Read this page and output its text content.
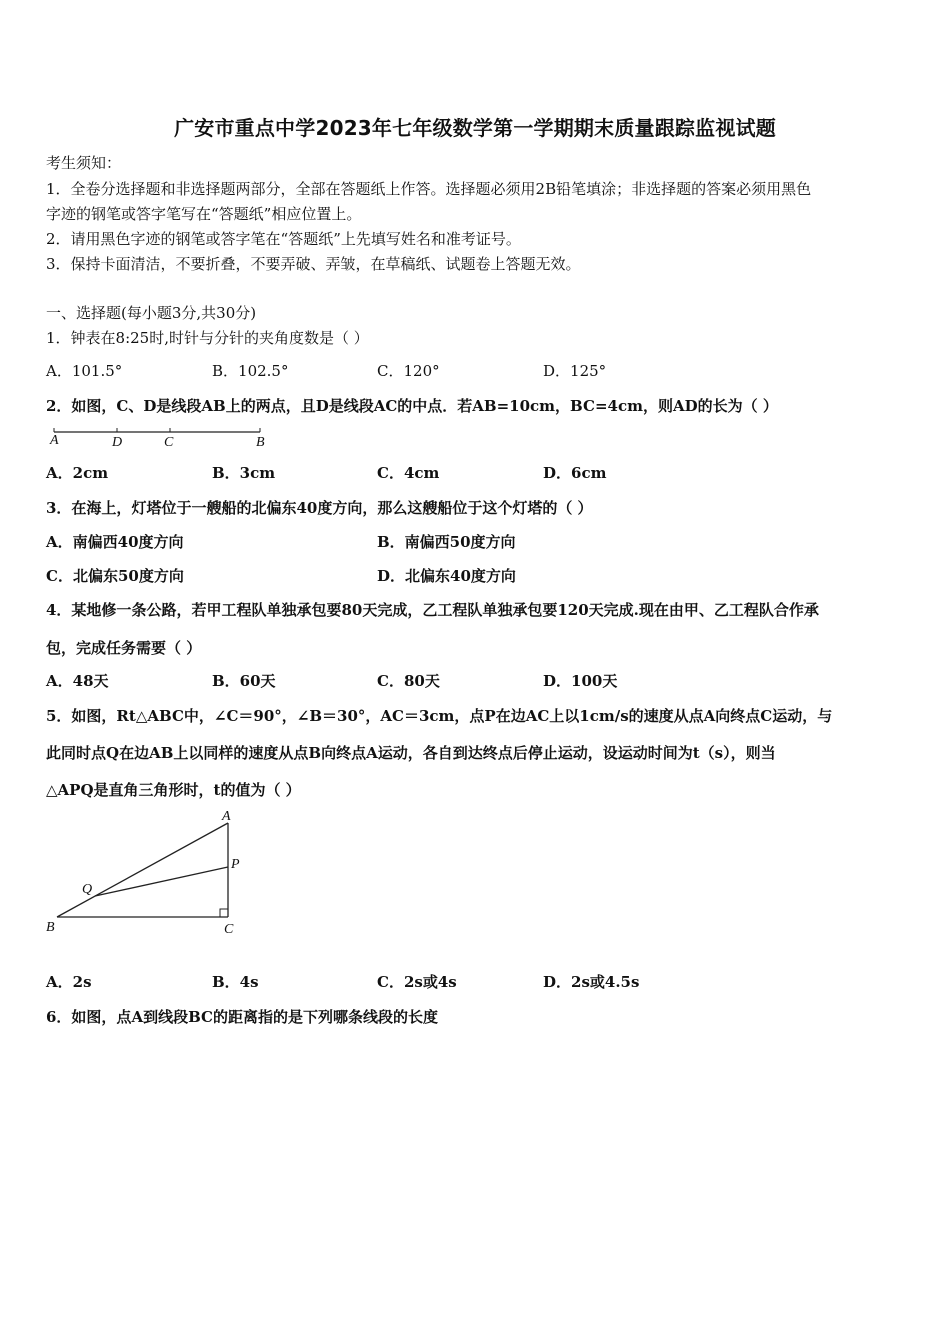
广安市重点中学2023年七年级数学第一学期期末质量跟踪监视试题
考生须知：
1．全卷分选择题和非选择题两部分，全部在答题纸上作答。选择题必须用2B铅笔填涂；非选择题的答案必须用黑色
字迹的钢笔或答字笔写在“答题纸”相应位置上。
2．请用黑色字迹的钢笔或答字笔在“答题纸”上先填写姓名和准考证号。
3．保持卡面清洁，不要折叠，不要弄破、弄皱，在草稿纸、试题卷上答题无效。
一、选择题(每小题3分,共30分)
1．钟表在8:25时,时针与分针的夹角度数是（ ）
A．101.5°	B．102.5°	C．120°	D．125°
2．如图，C、D是线段AB上的两点，且D是线段AC的中点．若AB=10cm，BC=4cm，则AD的长为（ ）
A	D	C	B
A．2cm	B．3cm	C．4cm	D．6cm
3．在海上，灯塔位于一艘船的北偏东40度方向，那么这艘船位于这个灯塔的（ ）
A．南偏西40度方向	B．南偏西50度方向
C．北偏东50度方向	D．北偏东40度方向
4．某地修一条公路，若甲工程队单独承包要80天完成，乙工程队单独承包要120天完成.现在由甲、乙工程队合作承
包，完成任务需要（ ）
A．48天	B．60天	C．80天	D．100天
5．如图，Rt△ABC中，∠C＝90°，∠B＝30°，AC＝3cm，点P在边AC上以1cm/s的速度从点A向终点C运动，与
此同时点Q在边AB上以同样的速度从点B向终点A运动，各自到达终点后停止运动，设运动时间为t（s），则当
△APQ是直角三角形时，t的值为（ ）
A
P
Q
B	C
A．2s	B．4s	C．2s或4s	D．2s或4.5s
6．如图，点A到线段BC的距离指的是下列哪条线段的长度
